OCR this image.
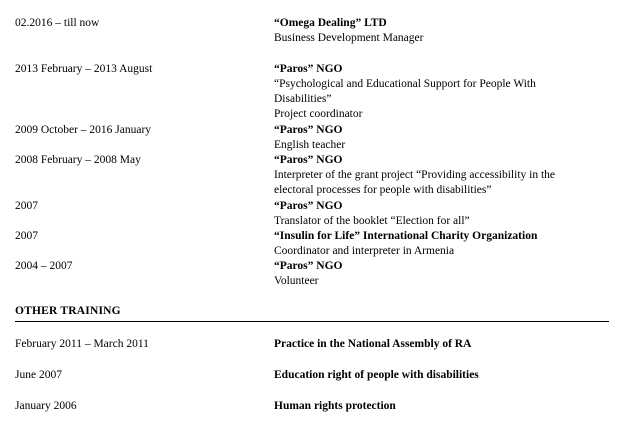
02.2016 – till now	“Omega Dealing” LTD
Business Development Manager
2013 February – 2013 August	“Paros” NGO
“Psychological and Educational Support for People With
Disabilities”
Project coordinator
2009 October – 2016 January	“Paros” NGO
English teacher
2008 February – 2008 May	“Paros” NGO
Interpreter of the grant project “Providing accessibility in the
electoral processes for people with disabilities”
2007	“Paros” NGO
Translator of the booklet “Election for all”
2007	“Insulin for Life” International Charity Organization
Coordinator and interpreter in Armenia
2004 – 2007	“Paros” NGO
Volunteer
OTHER TRAINING
February 2011 – March 2011	Practice in the National Assembly of RA
June 2007	Education right of people with disabilities
January 2006	Human rights protection
